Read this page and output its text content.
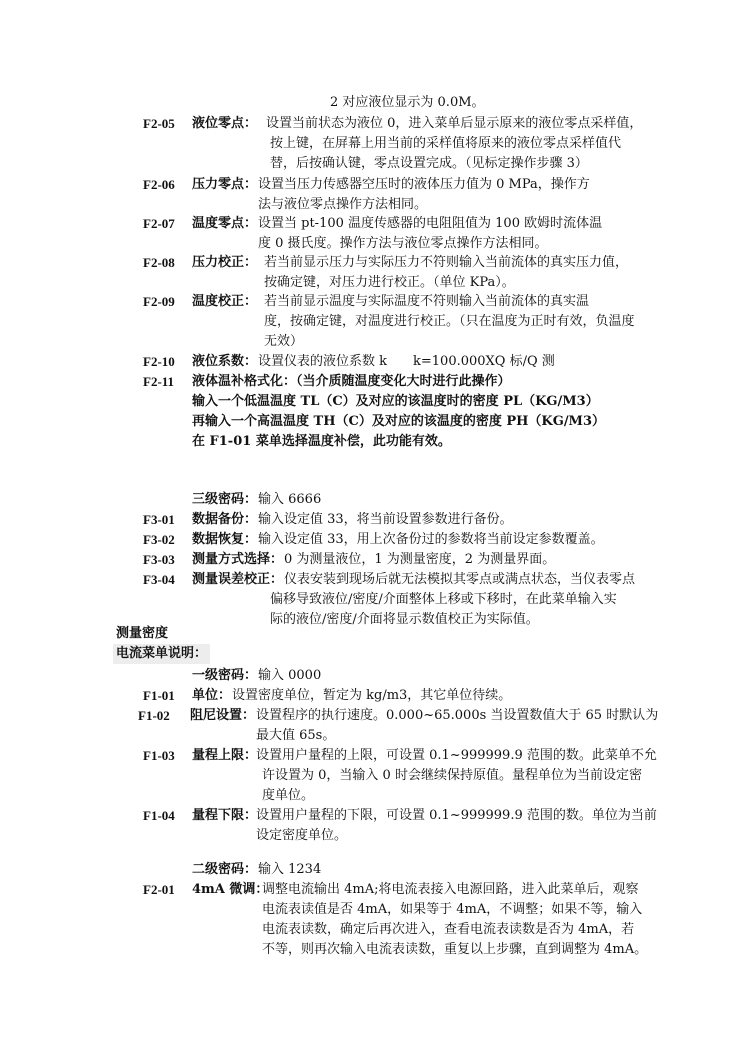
2 对应液位显示为 0.0M。
F2-05 液位零点： 设置当前状态为液位 0，进入菜单后显示原来的液位零点采样值，
按上键，在屏幕上用当前的采样值将原来的液位零点采样值代
替，后按确认键，零点设置完成。（见标定操作步骤 3）
F2-06 压力零点： 设置当压力传感器空压时的液体压力值为 0 MPa，操作方
法与液位零点操作方法相同。
F2-07 温度零点： 设置当 pt-100 温度传感器的电阻阻值为 100 欧姆时流体温
度 0 摄氏度。操作方法与液位零点操作方法相同。
F2-08 压力校正： 若当前显示压力与实际压力不符则输入当前流体的真实压力值，
按确定键，对压力进行校正。（单位 KPa）。
F2-09 温度校正： 若当前显示温度与实际温度不符则输入当前流体的真实温
度，按确定键，对温度进行校正。（只在温度为正时有效，负温度
无效）
F2-10 液位系数： 设置仪表的液位系数 k　　k=100.000XQ 标/Q 测
F2-11 液体温补格式化：（当介质随温度变化大时进行此操作）
输入一个低温温度 TL（C）及对应的该温度时的密度 PL（KG/M3）
再输入一个高温温度 TH（C）及对应的该温度的密度 PH（KG/M3）
在 F1-01 菜单选择温度补偿，此功能有效。
三级密码： 输入 6666
F3-01 数据备份： 输入设定值 33，将当前设置参数进行备份。
F3-02 数据恢复： 输入设定值 33，用上次备份过的参数将当前设定参数覆盖。
F3-03 测量方式选择： 0 为测量液位，1 为测量密度，2 为测量界面。
F3-04 测量误差校正： 仪表安装到现场后就无法模拟其零点或满点状态，当仪表零点
偏移导致液位/密度/介面整体上移或下移时，在此菜单输入实
际的液位/密度/介面将显示数值校正为实际值。
测量密度
电流菜单说明：
一级密码： 输入 0000
F1-01 单位： 设置密度单位，暂定为 kg/m3，其它单位待续。
F1-02 阻尼设置： 设置程序的执行速度。0.000~65.000s 当设置数值大于 65 时默认为
最大值 65s。
F1-03 量程上限：
设置用户量程的上限，可设置 0.1~999999.9 范围的数。此菜单不允
许设置为 0，当输入 0 时会继续保持原值。量程单位为当前设定密
度单位。
F1-04 量程下限：
设置用户量程的下限，可设置 0.1~999999.9 范围的数。单位为当前
设定密度单位。
二级密码： 输入 1234
F2-01 4mA 微调：
调整电流输出 4mA;将电流表接入电源回路，进入此菜单后，观察
电流表读值是否 4mA，如果等于 4mA，不调整；如果不等，输入
电流表读数，确定后再次进入，查看电流表读数是否为 4mA，若
不等，则再次输入电流表读数，重复以上步骤，直到调整为 4mA。
